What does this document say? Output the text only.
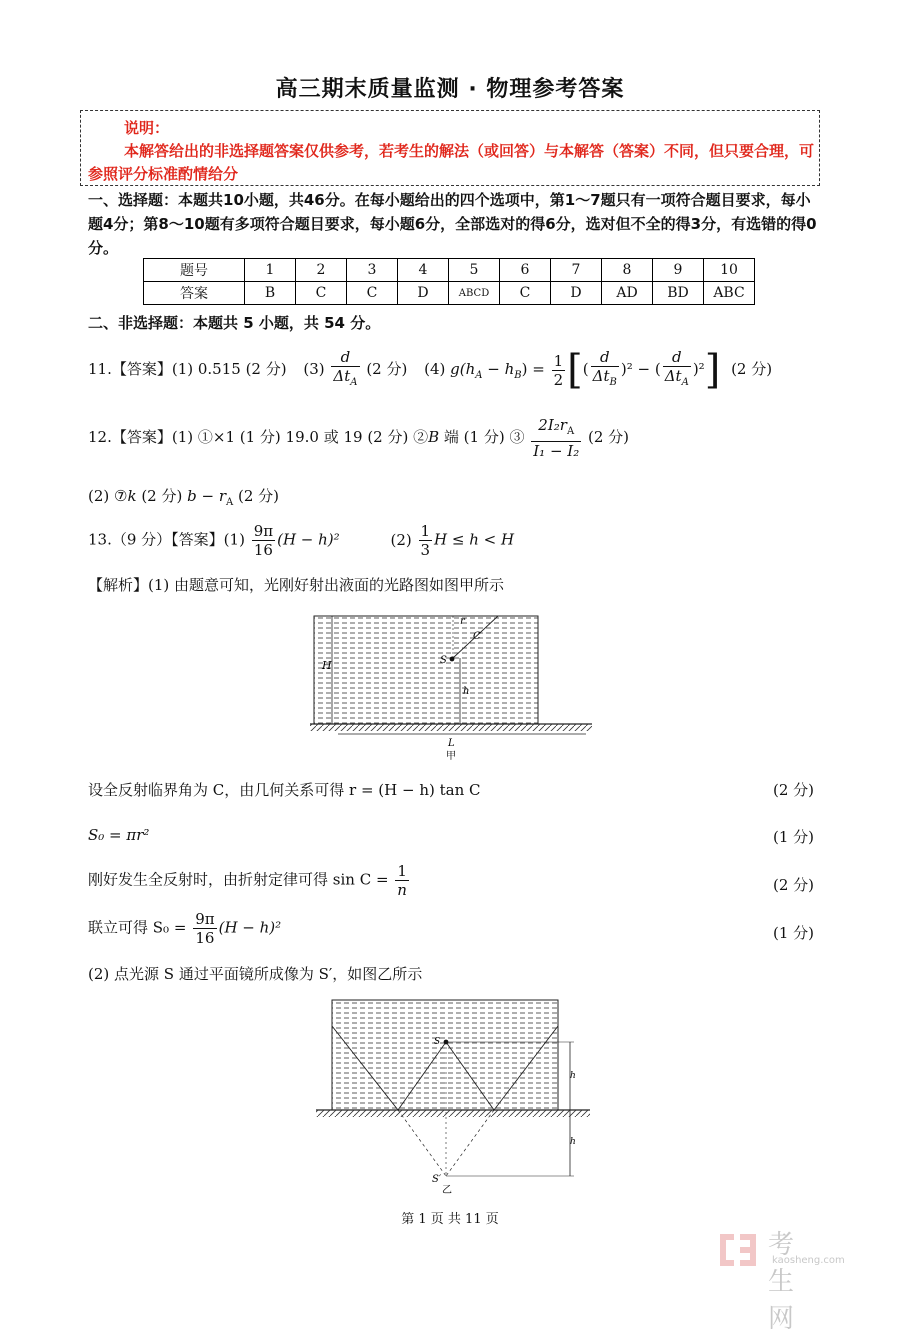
高三期末质量监测 · 物理参考答案
说明：
本解答给出的非选择题答案仅供参考，若考生的解法（或回答）与本解答（答案）不同，但只要合理，可参照评分标准酌情给分
一、选择题：本题共10小题，共46分。在每小题给出的四个选项中，第1～7题只有一项符合题目要求，每小题4分；第8～10题有多项符合题目要求，每小题6分，全部选对的得6分，选对但不全的得3分，有选错的得0分。
题号	1	2	3	4	5	6	7	8	9	10
答案	B	C	C	D	ABCD	C	D	AD	BD	ABC
二、非选择题：本题共 5 小题，共 54 分。
11.【答案】(1) 0.515 (2 分) $(3) \frac{d}{\Delta t_A} (2$ 分) (4) $g(h_A - h_B) = \frac{1}{2}$ [( $\frac{d}{\Delta t_B} )^2$ − ( $\frac{d}{\Delta t_A} )^2$] (2 分)
12.【答案】(1) ①×1 (1 分) 19.0 或 19 (2 分) ②B 端 (1 分) ③ $\frac{2I_2r_A}{\text{I₁ − I₂}} (2$ 分)
(2) ⑦k (2 分) $b - r_A$ (2 分)
13.（9 分）【答案】$(1) \frac{9\pi}{16} (H - h)^2$	$(2) \frac{1}{3}$ H ≤ h < H
【解析】(1) 由题意可知，光刚好射出液面的光路图如图甲所示
H
h
S
C
r
L
甲
设全反射临界角为 C，由几何关系可得 r = (H − h) tan C	(2 分)
S₀ = πr²	(1 分)
刚好发生全反射时，由折射定律可得 $\sin C = \frac{1}{n}$	(2 分)
联立可得 $S_0 = \frac{9\pi}{16} (H - h)^2$	(1 分)
(2) 点光源 S 通过平面镜所成像为 S′，如图乙所示
S
S′
h
h
乙
第 1 页 共 11 页
考生网
kaosheng.com
